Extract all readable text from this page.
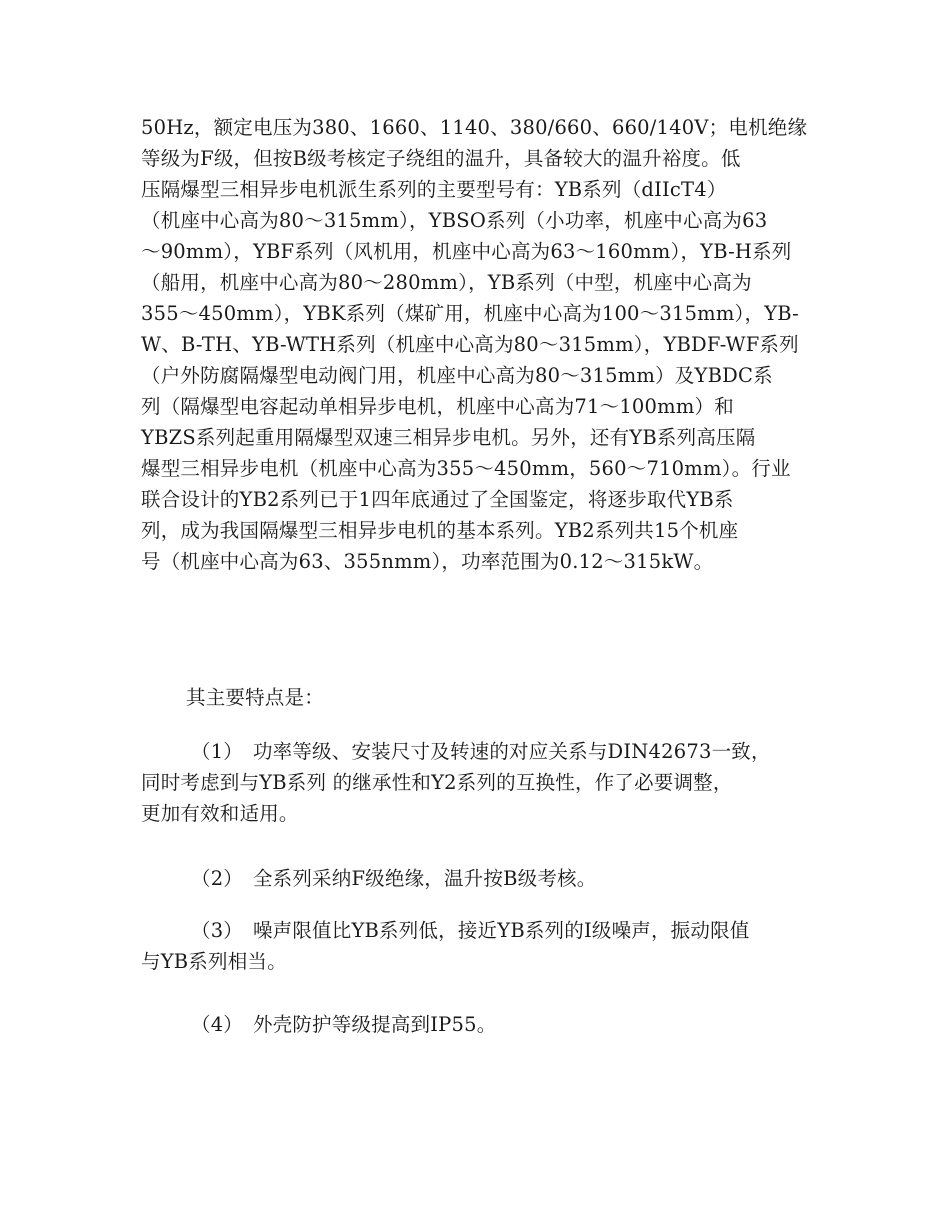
50Hz，额定电压为380、1660、1140、380/660、660/140V；电机绝缘
等级为F级，但按B级考核定子绕组的温升，具备较大的温升裕度。低
压隔爆型三相异步电机派生系列的主要型号有：YB系列（dIIcT4）
（机座中心高为80～315mm），YBSO系列（小功率，机座中心高为63
～90mm），YBF系列（风机用，机座中心高为63～160mm），YB-H系列
（船用，机座中心高为80～280mm），YB系列（中型，机座中心高为
355～450mm），YBK系列（煤矿用，机座中心高为100～315mm），YB-
W、B-TH、YB-WTH系列（机座中心高为80～315mm），YBDF-WF系列
（户外防腐隔爆型电动阀门用，机座中心高为80～315mm）及YBDC系
列（隔爆型电容起动单相异步电机，机座中心高为71～100mm）和
YBZS系列起重用隔爆型双速三相异步电机。另外，还有YB系列高压隔
爆型三相异步电机（机座中心高为355～450mm，560～710mm）。行业
联合设计的YB2系列已于1四年底通过了全国鉴定，将逐步取代YB系
列，成为我国隔爆型三相异步电机的基本系列。YB2系列共15个机座
号（机座中心高为63、355nmm），功率范围为0.12～315kW。
其主要特点是：
（1）　功率等级、安装尺寸及转速的对应关系与DIN42673一致，
同时考虑到与YB系列 的继承性和Y2系列的互换性，作了必要调整，
更加有效和适用。
（2）　全系列采纳F级绝缘，温升按B级考核。
（3）　噪声限值比YB系列低，接近YB系列的I级噪声，振动限值
与YB系列相当。
（4）　外壳防护等级提高到IP55。
